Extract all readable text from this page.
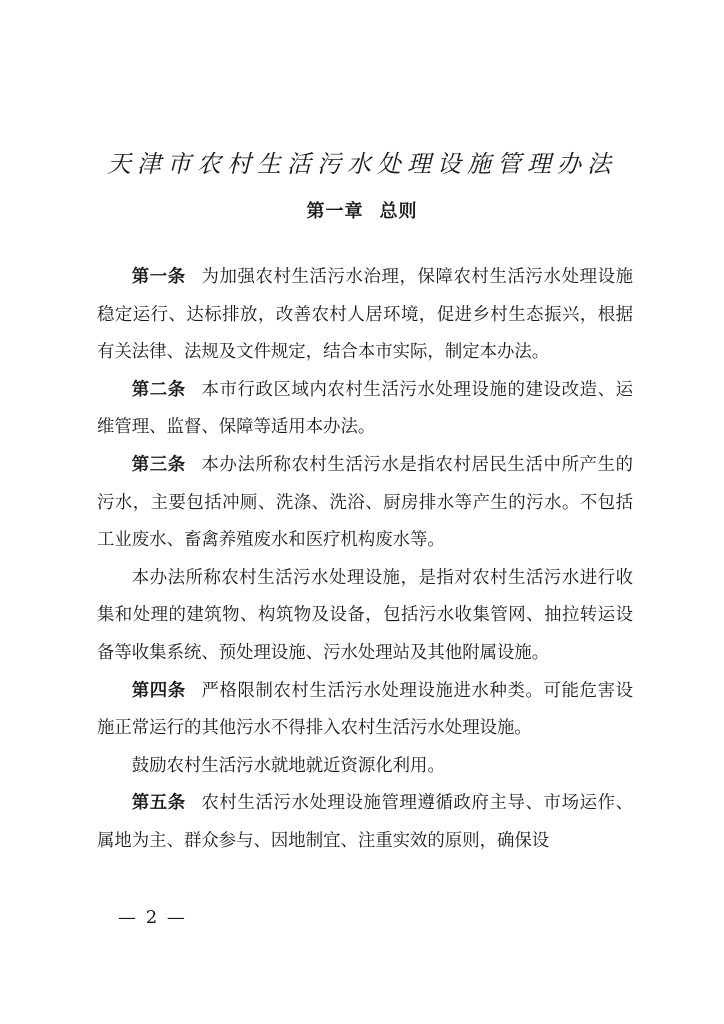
天津市农村生活污水处理设施管理办法
第一章 总则

第一条 为加强农村生活污水治理，保障农村生活污水处理设施稳定运行、达标排放，改善农村人居环境，促进乡村生态振兴，根据有关法律、法规及文件规定，结合本市实际，制定本办法。

第二条 本市行政区域内农村生活污水处理设施的建设改造、运维管理、监督、保障等适用本办法。

第三条 本办法所称农村生活污水是指农村居民生活中所产生的污水，主要包括冲厕、洗涤、洗浴、厨房排水等产生的污水。不包括工业废水、畜禽养殖废水和医疗机构废水等。

本办法所称农村生活污水处理设施，是指对农村生活污水进行收集和处理的建筑物、构筑物及设备，包括污水收集管网、抽拉转运设备等收集系统、预处理设施、污水处理站及其他附属设施。

第四条 严格限制农村生活污水处理设施进水种类。可能危害设施正常运行的其他污水不得排入农村生活污水处理设施。

鼓励农村生活污水就地就近资源化利用。

第五条 农村生活污水处理设施管理遵循政府主导、市场运作、属地为主、群众参与、因地制宜、注重实效的原则，确保设

— 2 —
